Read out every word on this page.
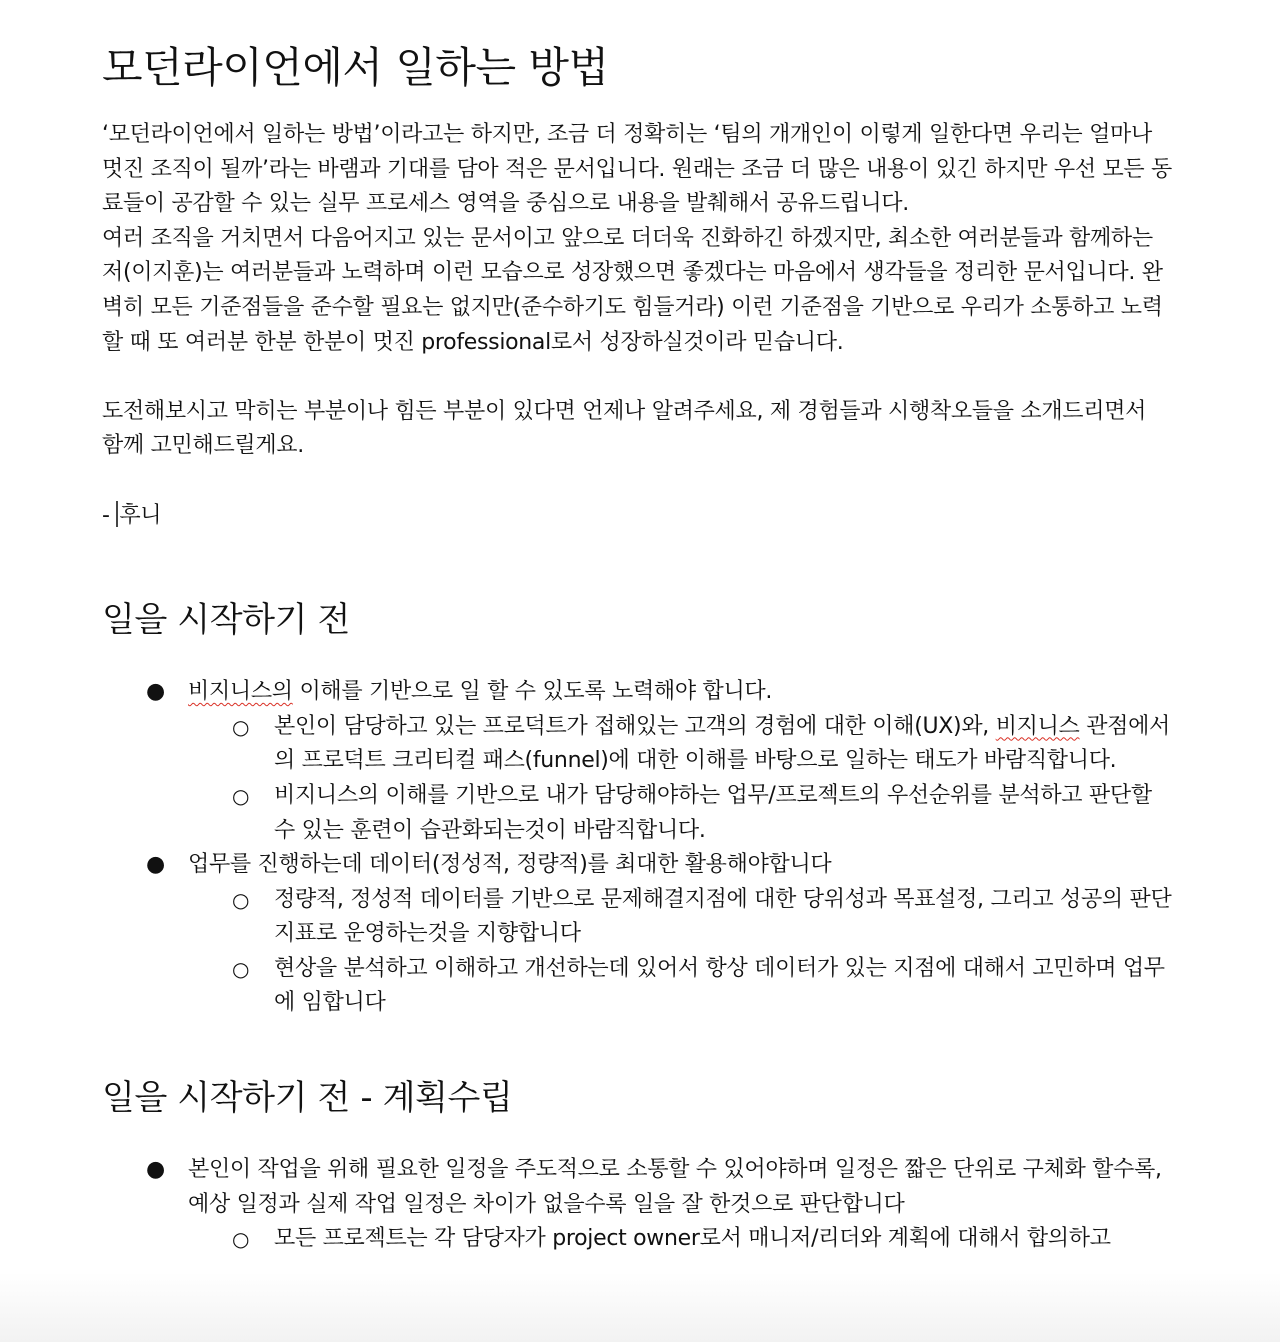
모던라이언에서 일하는 방법

‘모던라이언에서 일하는 방법’이라고는 하지만, 조금 더 정확히는 ‘팀의 개개인이 이렇게 일한다면 우리는 얼마나 멋진 조직이 될까’라는 바램과 기대를 담아 적은 문서입니다. 원래는 조금 더 많은 내용이 있긴 하지만 우선 모든 동료들이 공감할 수 있는 실무 프로세스 영역을 중심으로 내용을 발췌해서 공유드립니다.

여러 조직을 거치면서 다음어지고 있는 문서이고 앞으로 더더욱 진화하긴 하겠지만, 최소한 여러분들과 함께하는 저(이지훈)는 여러분들과 노력하며 이런 모습으로 성장했으면 좋겠다는 마음에서 생각들을 정리한 문서입니다. 완벽히 모든 기준점들을 준수할 필요는 없지만(준수하기도 힘들거라) 이런 기준점을 기반으로 우리가 소통하고 노력할 때 또 여러분 한분 한분이 멋진 professional로서 성장하실것이라 믿습니다.

도전해보시고 막히는 부분이나 힘든 부분이 있다면 언제나 알려주세요, 제 경험들과 시행착오들을 소개드리면서 함께 고민해드릴게요.

- 후니

일을 시작하기 전
● 비지니스의 이해를 기반으로 일 할 수 있도록 노력해야 합니다.
○ 본인이 담당하고 있는 프로덕트가 접해있는 고객의 경험에 대한 이해(UX)와, 비지니스 관점에서의 프로덕트 크리티컬 패스(funnel)에 대한 이해를 바탕으로 일하는 태도가 바람직합니다.
○ 비지니스의 이해를 기반으로 내가 담당해야하는 업무/프로젝트의 우선순위를 분석하고 판단할 수 있는 훈련이 습관화되는것이 바람직합니다.
● 업무를 진행하는데 데이터(정성적, 정량적)를 최대한 활용해야합니다
○ 정량적, 정성적 데이터를 기반으로 문제해결지점에 대한 당위성과 목표설정, 그리고 성공의 판단지표로 운영하는것을 지향합니다
○ 현상을 분석하고 이해하고 개선하는데 있어서 항상 데이터가 있는 지점에 대해서 고민하며 업무에 임합니다
일을 시작하기 전 - 계획수립
● 본인이 작업을 위해 필요한 일정을 주도적으로 소통할 수 있어야하며 일정은 짧은 단위로 구체화 할수록, 예상 일정과 실제 작업 일정은 차이가 없을수록 일을 잘 한것으로 판단합니다
○ 모든 프로젝트는 각 담당자가 project owner로서 매니저/리더와 계획에 대해서 합의하고
